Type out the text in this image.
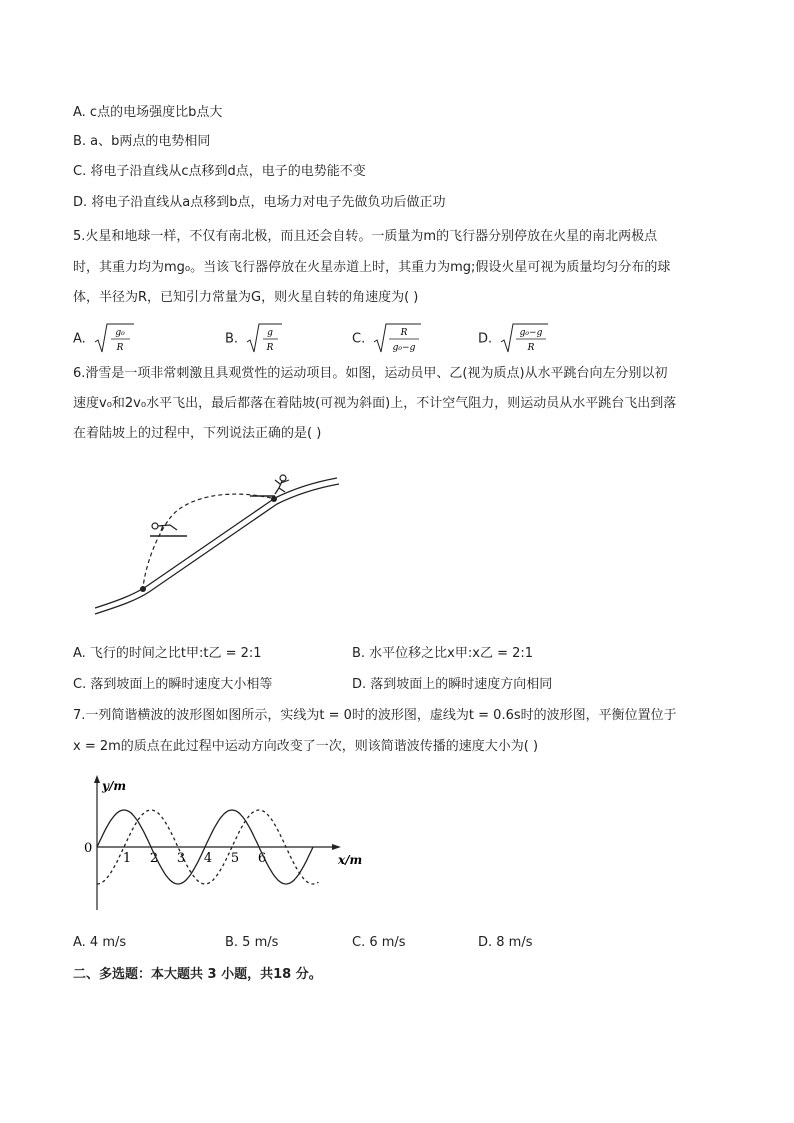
A. c点的电场强度比b点大
B. a、b两点的电势相同
C. 将电子沿直线从c点移到d点，电子的电势能不变
D. 将电子沿直线从a点移到b点，电场力对电子先做负功后做正功
5.火星和地球一样，不仅有南北极，而且还会自转。一质量为m的飞行器分别停放在火星的南北两极点
时，其重力均为mg₀。当该飞行器停放在火星赤道上时，其重力为mg;假设火星可视为质量均匀分布的球
体，半径为R，已知引力常量为G，则火星自转的角速度为( )
A.	g₀
R
B.	g
R
C.	R
g₀−g
D.	g₀−g
R
6.滑雪是一项非常刺激且具观赏性的运动项目。如图，运动员甲、乙(视为质点)从水平跳台向左分别以初
速度v₀和2v₀水平飞出，最后都落在着陆坡(可视为斜面)上，不计空气阻力，则运动员从水平跳台飞出到落
在着陆坡上的过程中，下列说法正确的是( )
A. 飞行的时间之比t甲:t乙 = 2:1	B. 水平位移之比x甲:x乙 = 2:1
C. 落到坡面上的瞬时速度大小相等	D. 落到坡面上的瞬时速度方向相同
7.一列简谐横波的波形图如图所示，实线为t = 0时的波形图，虚线为t = 0.6s时的波形图，平衡位置位于
x = 2m的质点在此过程中运动方向改变了一次，则该简谐波传播的速度大小为( )
y/m
x/m
0
1 2 3 4 5 6
A. 4 m/s	B. 5 m/s	C. 6 m/s	D. 8 m/s
二、多选题：本大题共 3 小题，共18 分。
